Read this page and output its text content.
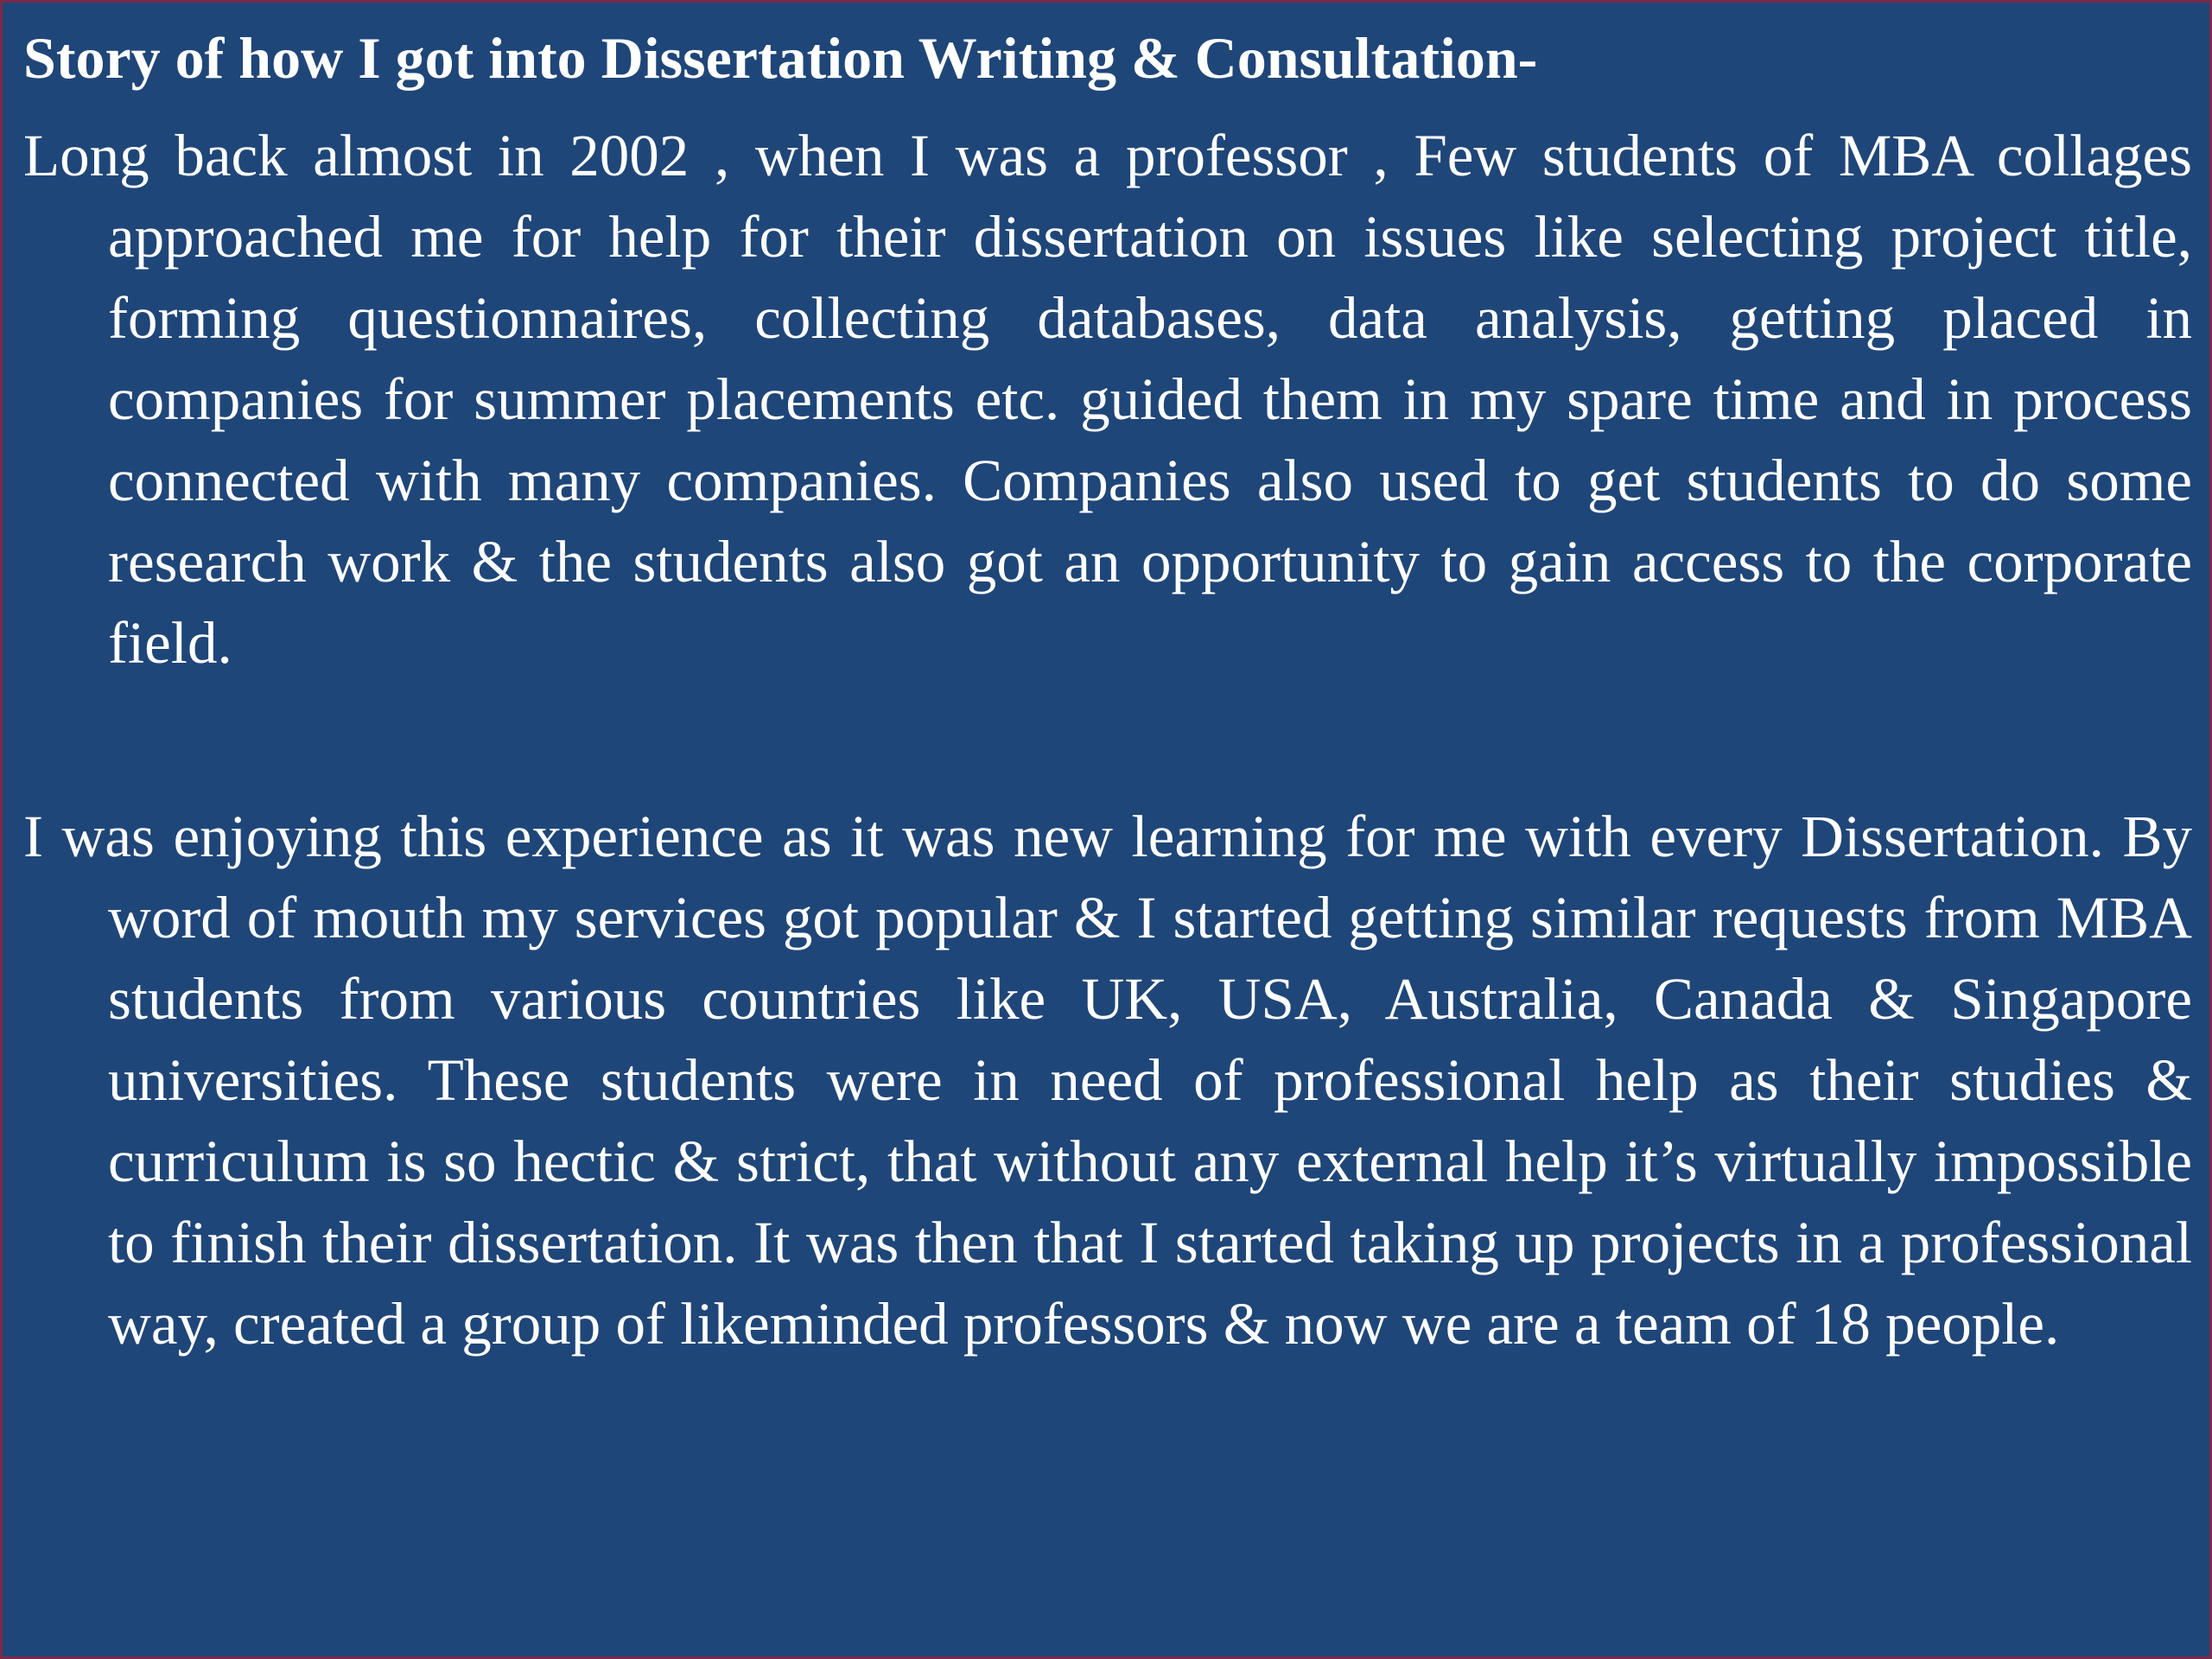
Story of how I got into Dissertation Writing & Consultation-

Long back almost in 2002 , when I was a professor , Few students of MBA collages approached me for help for their dissertation on issues like selecting project title, forming questionnaires, collecting databases, data analysis, getting placed in companies for summer placements etc. guided them in my spare time and in process connected with many companies. Companies also used to get students to do some research work & the students also got an opportunity to gain access to the corporate field.

I was enjoying this experience as it was new learning for me with every Dissertation. By word of mouth my services got popular & I started getting similar requests from MBA students from various countries like UK, USA, Australia, Canada & Singapore universities. These students were in need of professional help as their studies & curriculum is so hectic & strict, that without any external help it’s virtually impossible to finish their dissertation. It was then that I started taking up projects in a professional way, created a group of likeminded professors & now we are a team of 18 people.
